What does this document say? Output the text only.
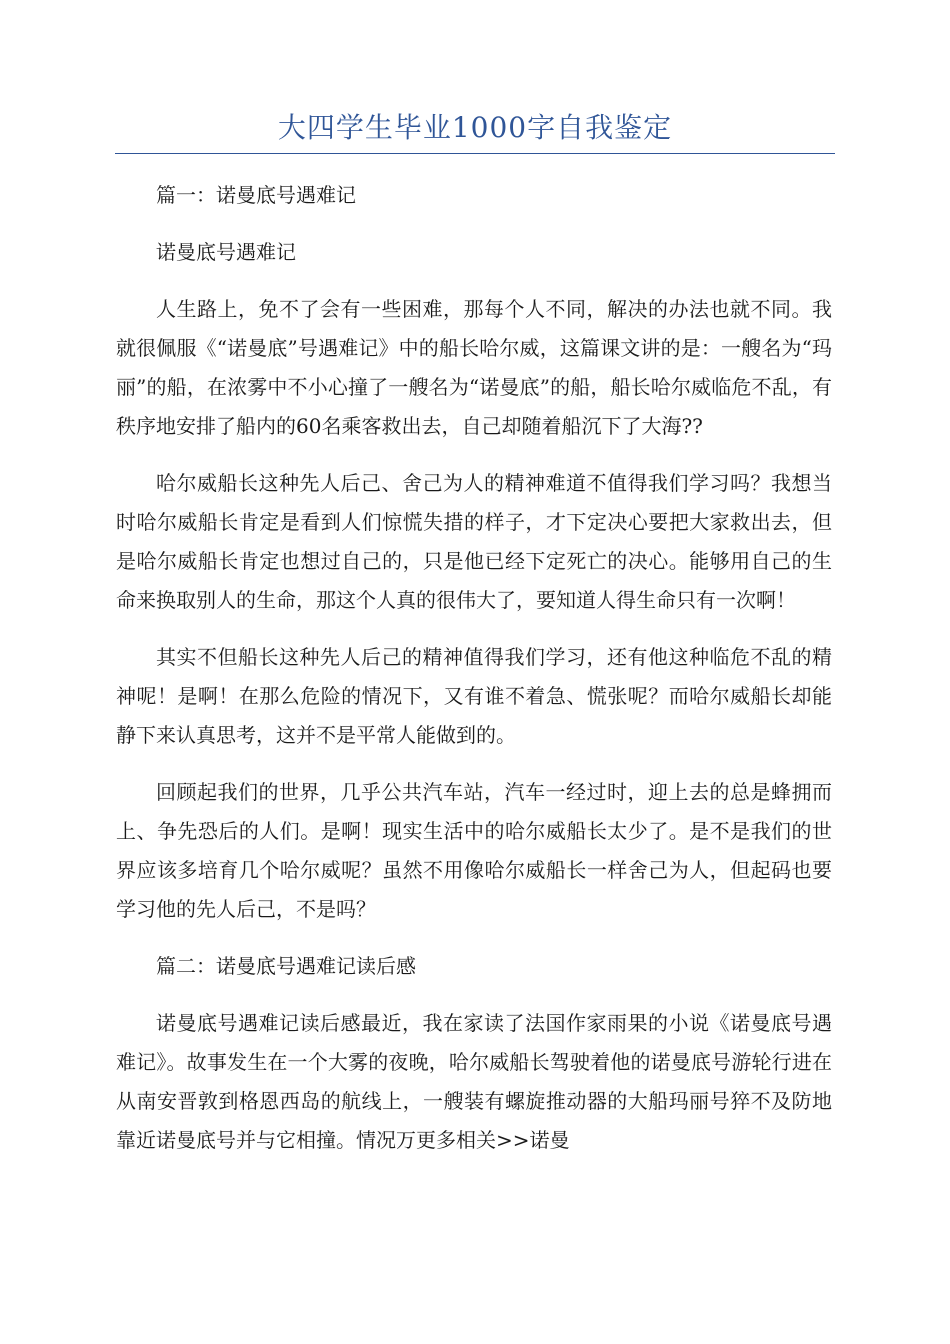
大四学生毕业1000字自我鉴定

篇一：诺曼底号遇难记

诺曼底号遇难记

人生路上，免不了会有一些困难，那每个人不同，解决的办法也就不同。我就很佩服《“诺曼底”号遇难记》中的船长哈尔威，这篇课文讲的是：一艘名为“玛丽”的船，在浓雾中不小心撞了一艘名为“诺曼底”的船，船长哈尔威临危不乱，有秩序地安排了船内的60名乘客救出去，自己却随着船沉下了大海??

哈尔威船长这种先人后己、舍己为人的精神难道不值得我们学习吗？我想当时哈尔威船长肯定是看到人们惊慌失措的样子，才下定决心要把大家救出去，但是哈尔威船长肯定也想过自己的，只是他已经下定死亡的决心。能够用自己的生命来换取别人的生命，那这个人真的很伟大了，要知道人得生命只有一次啊！

其实不但船长这种先人后己的精神值得我们学习，还有他这种临危不乱的精神呢！是啊！在那么危险的情况下，又有谁不着急、慌张呢？而哈尔威船长却能静下来认真思考，这并不是平常人能做到的。

回顾起我们的世界，几乎公共汽车站，汽车一经过时，迎上去的总是蜂拥而上、争先恐后的人们。是啊！现实生活中的哈尔威船长太少了。是不是我们的世界应该多培育几个哈尔威呢？虽然不用像哈尔威船长一样舍己为人，但起码也要学习他的先人后己，不是吗？

篇二：诺曼底号遇难记读后感

诺曼底号遇难记读后感最近，我在家读了法国作家雨果的小说《诺曼底号遇难记》。故事发生在一个大雾的夜晚，哈尔威船长驾驶着他的诺曼底号游轮行进在从南安晋敦到格恩西岛的航线上，一艘装有螺旋推动器的大船玛丽号猝不及防地靠近诺曼底号并与它相撞。情况万更多相关>>诺曼
